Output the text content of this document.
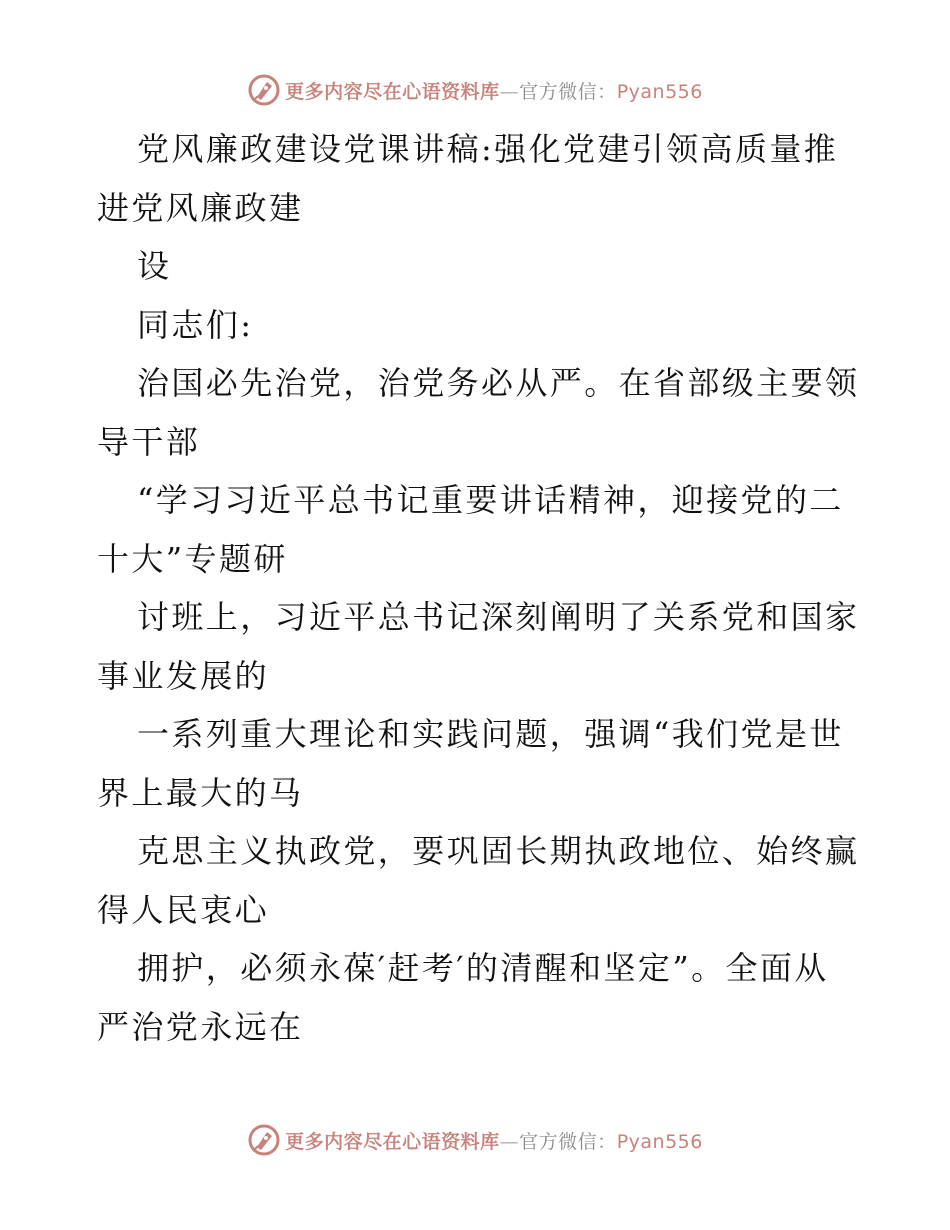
更多内容尽在心语资料库—官方微信：Pyan556
党风廉政建设党课讲稿:强化党建引领高质量推
进党风廉政建
设
同志们:
治国必先治党，治党务必从严。在省部级主要领
导干部
“学习习近平总书记重要讲话精神，迎接党的二
十大”专题研
讨班上，习近平总书记深刻阐明了关系党和国家
事业发展的
一系列重大理论和实践问题，强调“我们党是世
界上最大的马
克思主义执政党，要巩固长期执政地位、始终赢
得人民衷心
拥护，必须永葆′赶考′的清醒和坚定”。全面从
严治党永远在
更多内容尽在心语资料库—官方微信：Pyan556
